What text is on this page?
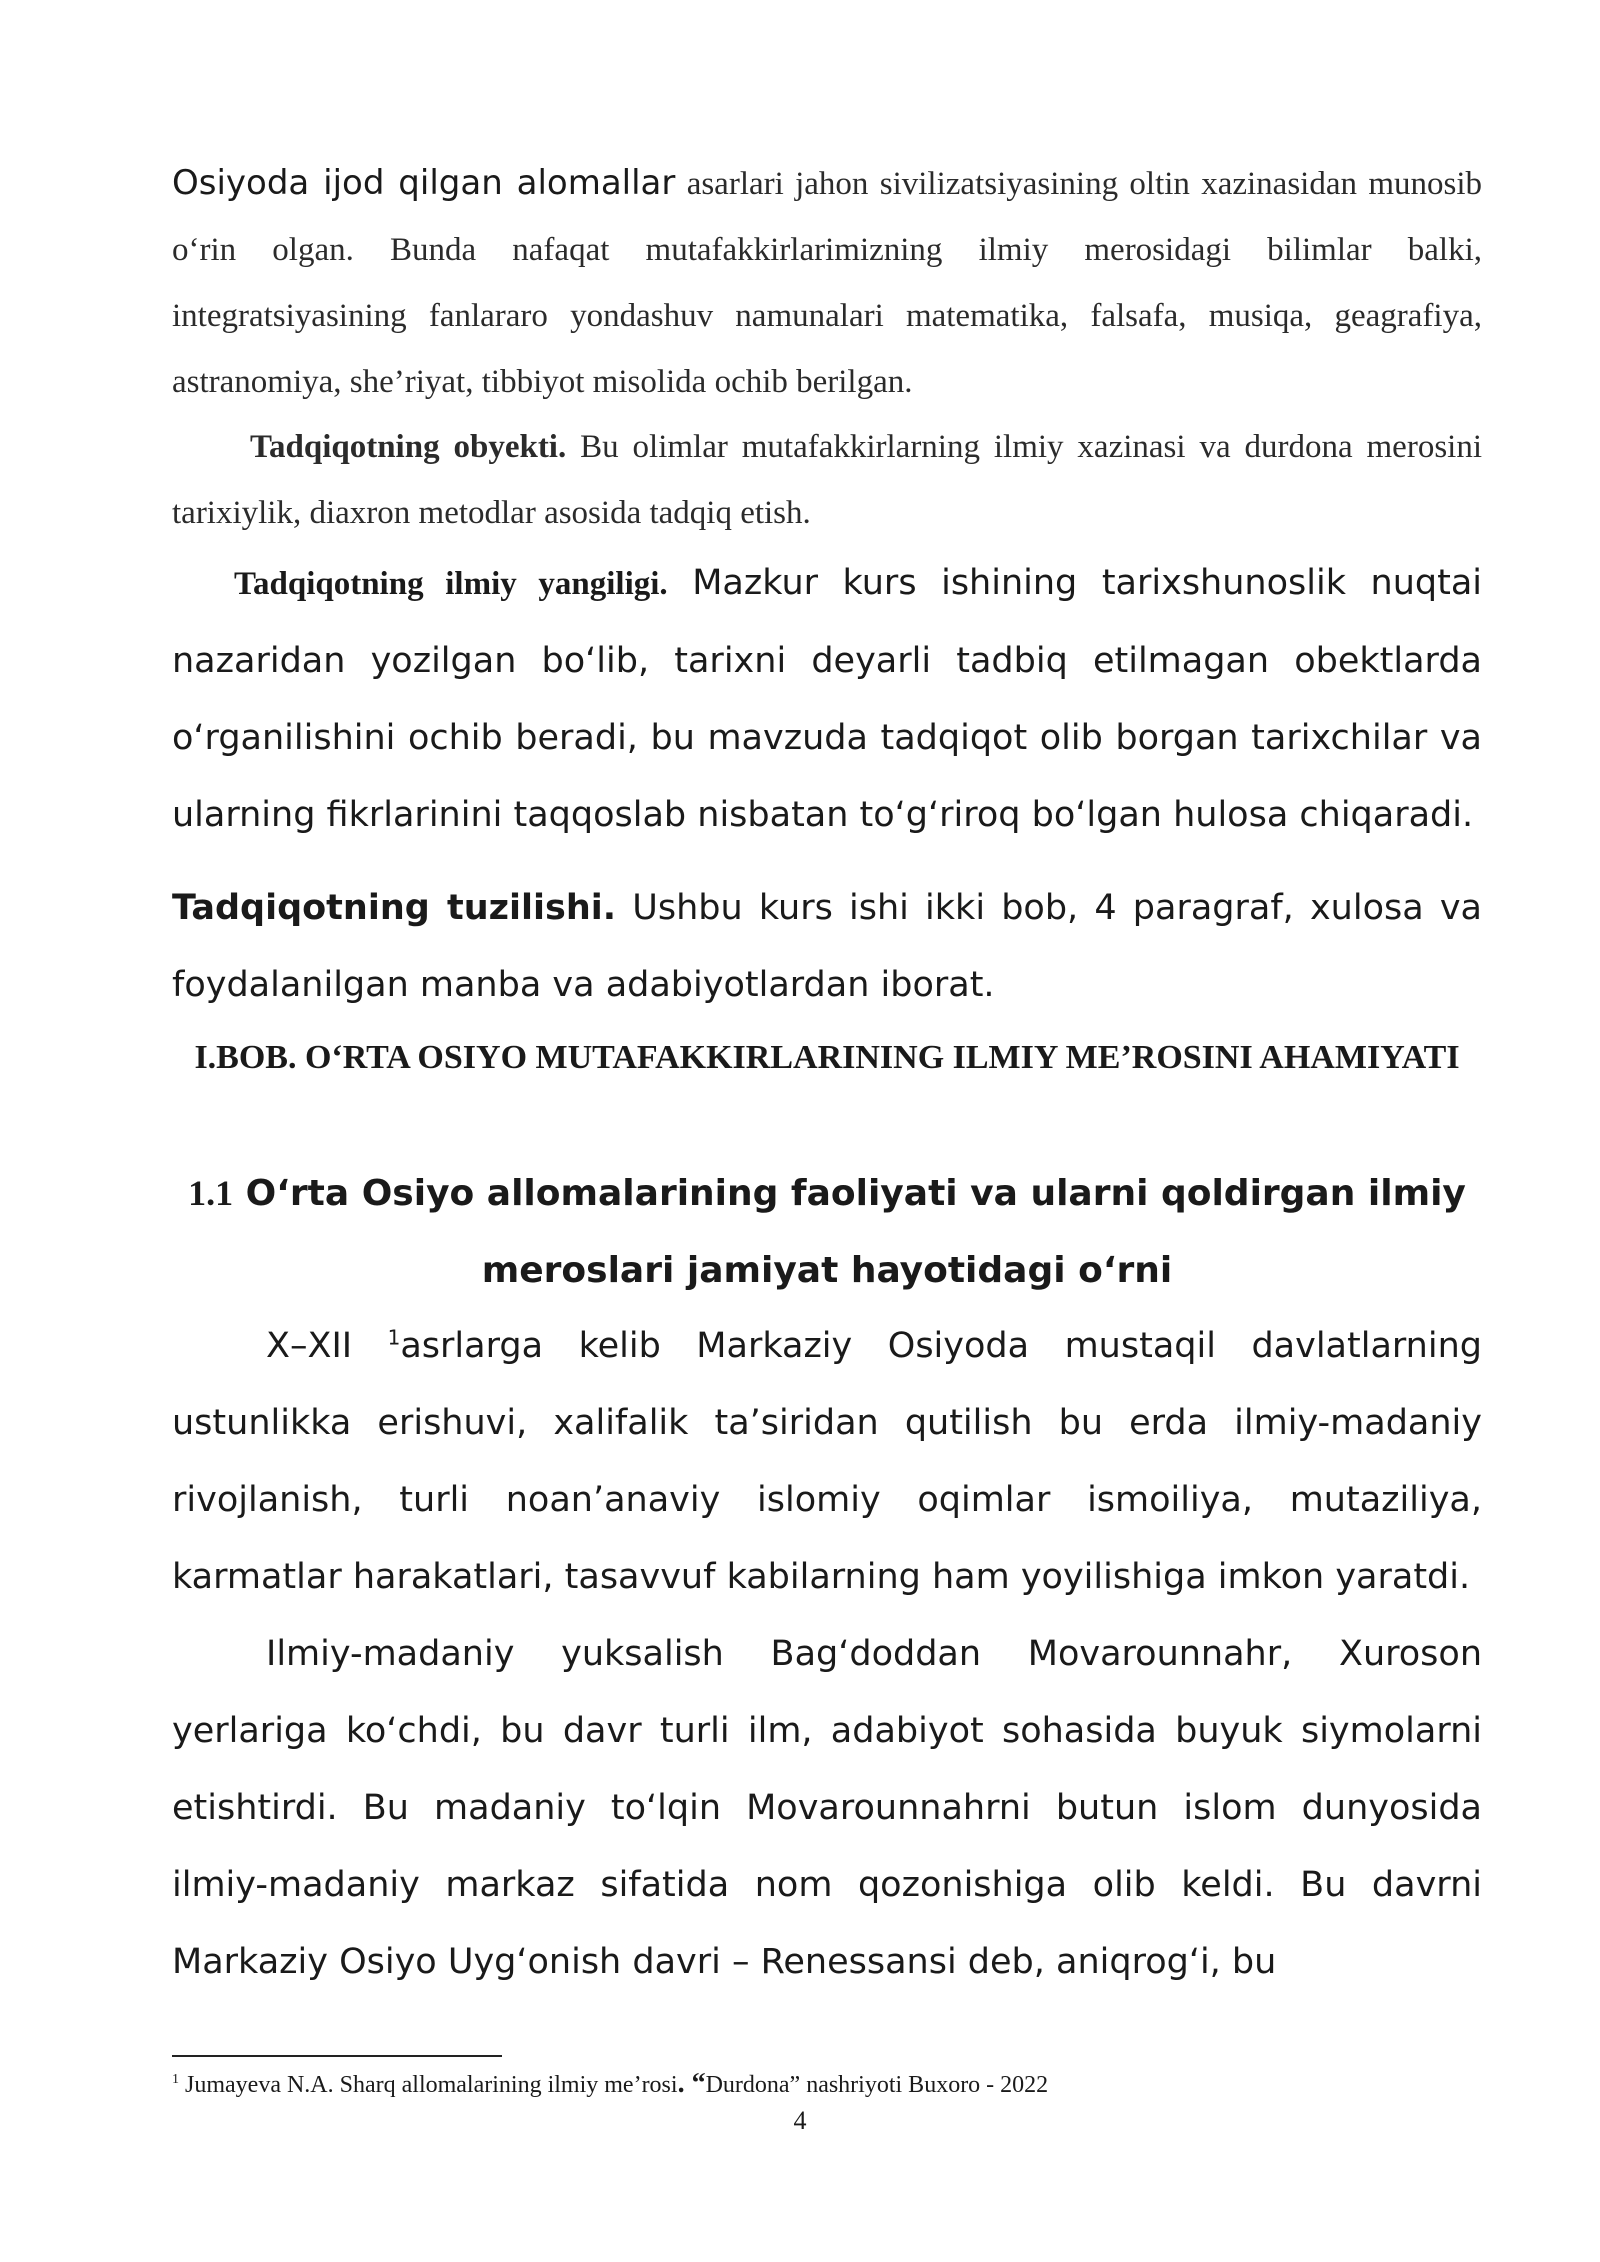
Osiyoda ijod qilgan alomallar asarlari jahon sivilizatsiyasining oltin xazinasidan munosib o‘rin olgan. Bunda nafaqat mutafakkirlarimizning ilmiy merosidagi bilimlar balki, integratsiyasining fanlararo yondashuv namunalari matematika, falsafa, musiqa, geagrafiya, astranomiya, she’riyat, tibbiyot misolida ochib berilgan.

Tadqiqotning obyekti. Bu olimlar mutafakkirlarning ilmiy xazinasi va durdona merosini tarixiylik, diaxron metodlar asosida tadqiq etish.

Tadqiqotning ilmiy yangiligi. Mazkur kurs ishining tarixshunoslik nuqtai nazaridan yozilgan bo‘lib, tarixni deyarli tadbiq etilmagan obektlarda o‘rganilishini ochib beradi, bu mavzuda tadqiqot olib borgan tarixchilar va ularning fikrlarinini taqqoslab nisbatan to‘g‘riroq bo‘lgan hulosa chiqaradi.

Tadqiqotning tuzilishi. Ushbu kurs ishi ikki bob, 4 paragraf, xulosa va foydalanilgan manba va adabiyotlardan iborat.

I.BOB. O‘RTA OSIYO MUTAFAKKIRLARINING ILMIY ME’ROSINI AHAMIYATI
1.1 O‘rta Osiyo allomalarining faoliyati va ularni qoldirgan ilmiy meroslari jamiyat hayotidagi o‘rni

X–XII $^1$asrlarga kelib Markaziy Osiyoda mustaqil davlatlarning ustunlikka erishuvi, xalifalik ta’siridan qutilish bu erda ilmiy-madaniy rivojlanish, turli noan’anaviy islomiy oqimlar ismoiliya, mutaziliya, karmatlar harakatlari, tasavvuf kabilarning ham yoyilishiga imkon yaratdi.

Ilmiy-madaniy yuksalish Bag‘doddan Movarounnahr, Xuroson yerlariga ko‘chdi, bu davr turli ilm, adabiyot sohasida buyuk siymolarni etishtirdi. Bu madaniy to‘lqin Movarounnahrni butun islom dunyosida ilmiy-madaniy markaz sifatida nom qozonishiga olib keldi. Bu davrni Markaziy Osiyo Uyg‘onish davri – Renessansi deb, aniqrog‘i, bu

$^1$ Jumayeva N.A. Sharq allomalarining ilmiy me’rosi. “Durdona” nashriyoti Buxoro - 2022

4
